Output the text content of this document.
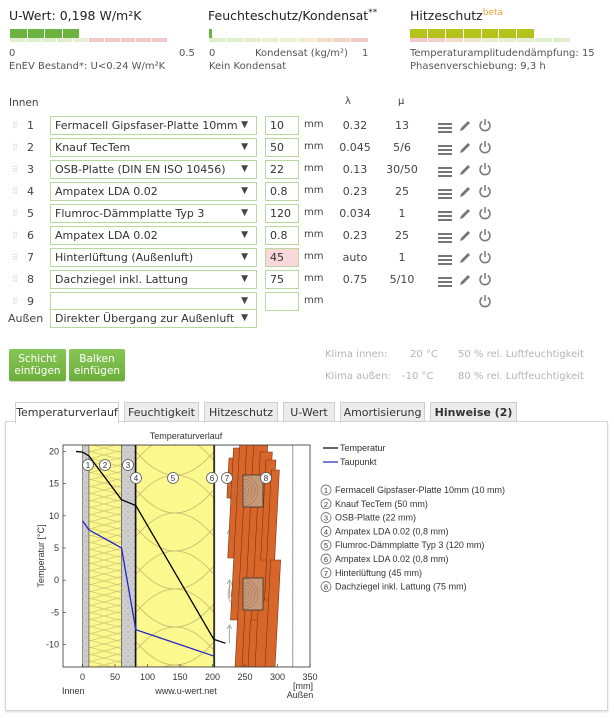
U-Wert: 0,198 W/m²K
0	0.5
EnEV Bestand*: U<0.24 W/m²K
Feuchteschutz/Kondensat**
0	Kondensat (kg/m²) 1
Kein Kondensat
Hitzeschutz$^{beta}$
Temperaturamplitudendämpfung: 15
Phasenverschiebung: 9,3 h
Innen	λ	μ
⠿ 1	Fermacell Gipsfaser-Platte 10mm ▼	10	mm	0.32	13
⠿ 2	Knauf TecTem	▼	50	mm	0.045	5/6
⠿ 3	OSB-Platte (DIN EN ISO 10456) ▼	22	mm	0.13	30/50
⠿ 4	Ampatex LDA 0.02	▼	0.8	mm	0.23	25
⠿ 5	Flumroc-Dämmplatte Typ 3	▼	120	mm	0.034	1
⠿ 6	Ampatex LDA 0.02	▼	0.8	mm	0.23	25
⠿ 7	Hinterlüftung (Außenluft)	▼	45	mm	auto	1
⠿ 8	Dachziegel inkl. Lattung	▼	75	mm	0.75	5/10
⠿ 9	▼	mm
Außen	Direkter Übergang zur Außenluft ▼
Schicht
einfügen
Balken
einfügen
Klima innen: 20 °C 50 % rel. Luftfeuchtigkeit
Klima außen: -10 °C 80 % rel. Luftfeuchtigkeit
Temperaturverlauf Feuchtigkeit	Hitzeschutz	U-Wert	Amortisierung	Hinweise (2)
1 2 3
4	5	6 7	8
0	50 100 150 200 250 300 350
20
15
10
5
0
-5
-10
Temperaturverlauf
Temperatur [°C]
Innen	www.u-wert.net	[mm]
Außen
Temperatur
Taupunkt
1 Fermacell Gipsfaser-Platte 10mm (10 mm)
2 Knauf TecTem (50 mm)
3 OSB-Platte (22 mm)
4 Ampatex LDA 0.02 (0,8 mm)
5 Flumroc-Dämmplatte Typ 3 (120 mm)
6 Ampatex LDA 0.02 (0,8 mm)
7 Hinterlüftung (45 mm)
8 Dachziegel inkl. Lattung (75 mm)
